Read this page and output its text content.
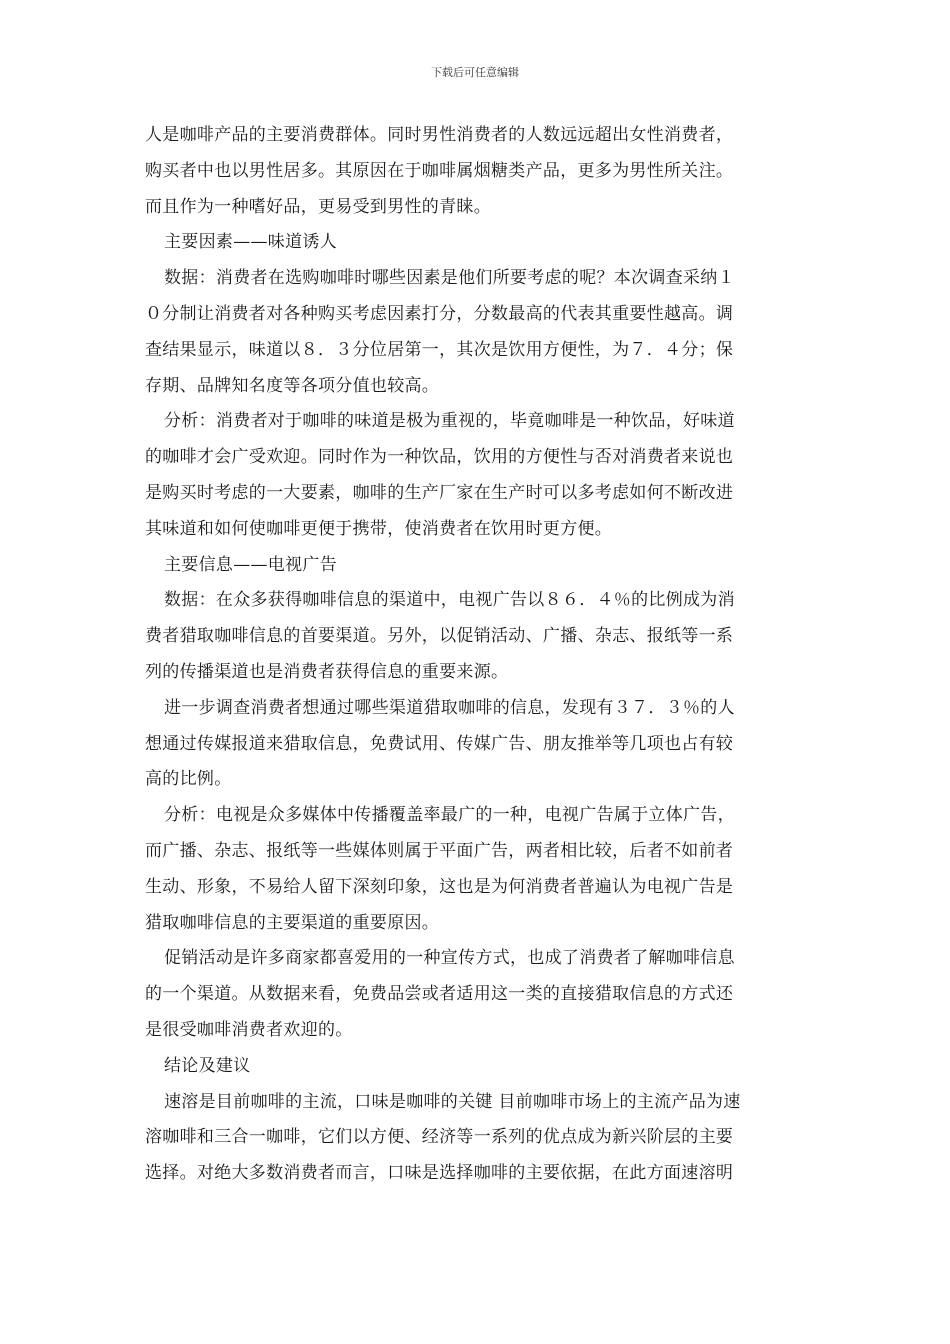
下载后可任意编辑
人是咖啡产品的主要消费群体。同时男性消费者的人数远远超出女性消费者，
购买者中也以男性居多。其原因在于咖啡属烟糖类产品，更多为男性所关注。
而且作为一种嗜好品，更易受到男性的青睐。
主要因素——味道诱人
数据：消费者在选购咖啡时哪些因素是他们所要考虑的呢？本次调查采纳１
０分制让消费者对各种购买考虑因素打分，分数最高的代表其重要性越高。调
查结果显示，味道以８．３分位居第一，其次是饮用方便性，为７．４分；保
存期、品牌知名度等各项分值也较高。
分析：消费者对于咖啡的味道是极为重视的，毕竟咖啡是一种饮品，好味道
的咖啡才会广受欢迎。同时作为一种饮品，饮用的方便性与否对消费者来说也
是购买时考虑的一大要素，咖啡的生产厂家在生产时可以多考虑如何不断改进
其味道和如何使咖啡更便于携带，使消费者在饮用时更方便。
主要信息——电视广告
数据：在众多获得咖啡信息的渠道中，电视广告以８６．４％的比例成为消
费者猎取咖啡信息的首要渠道。另外，以促销活动、广播、杂志、报纸等一系
列的传播渠道也是消费者获得信息的重要来源。
进一步调查消费者想通过哪些渠道猎取咖啡的信息，发现有３７．３％的人
想通过传媒报道来猎取信息，免费试用、传媒广告、朋友推举等几项也占有较
高的比例。
分析：电视是众多媒体中传播覆盖率最广的一种，电视广告属于立体广告，
而广播、杂志、报纸等一些媒体则属于平面广告，两者相比较，后者不如前者
生动、形象，不易给人留下深刻印象，这也是为何消费者普遍认为电视广告是
猎取咖啡信息的主要渠道的重要原因。
促销活动是许多商家都喜爱用的一种宣传方式，也成了消费者了解咖啡信息
的一个渠道。从数据来看，免费品尝或者适用这一类的直接猎取信息的方式还
是很受咖啡消费者欢迎的。
结论及建议
速溶是目前咖啡的主流，口味是咖啡的关键 目前咖啡市场上的主流产品为速
溶咖啡和三合一咖啡，它们以方便、经济等一系列的优点成为新兴阶层的主要
选择。对绝大多数消费者而言，口味是选择咖啡的主要依据，在此方面速溶明
